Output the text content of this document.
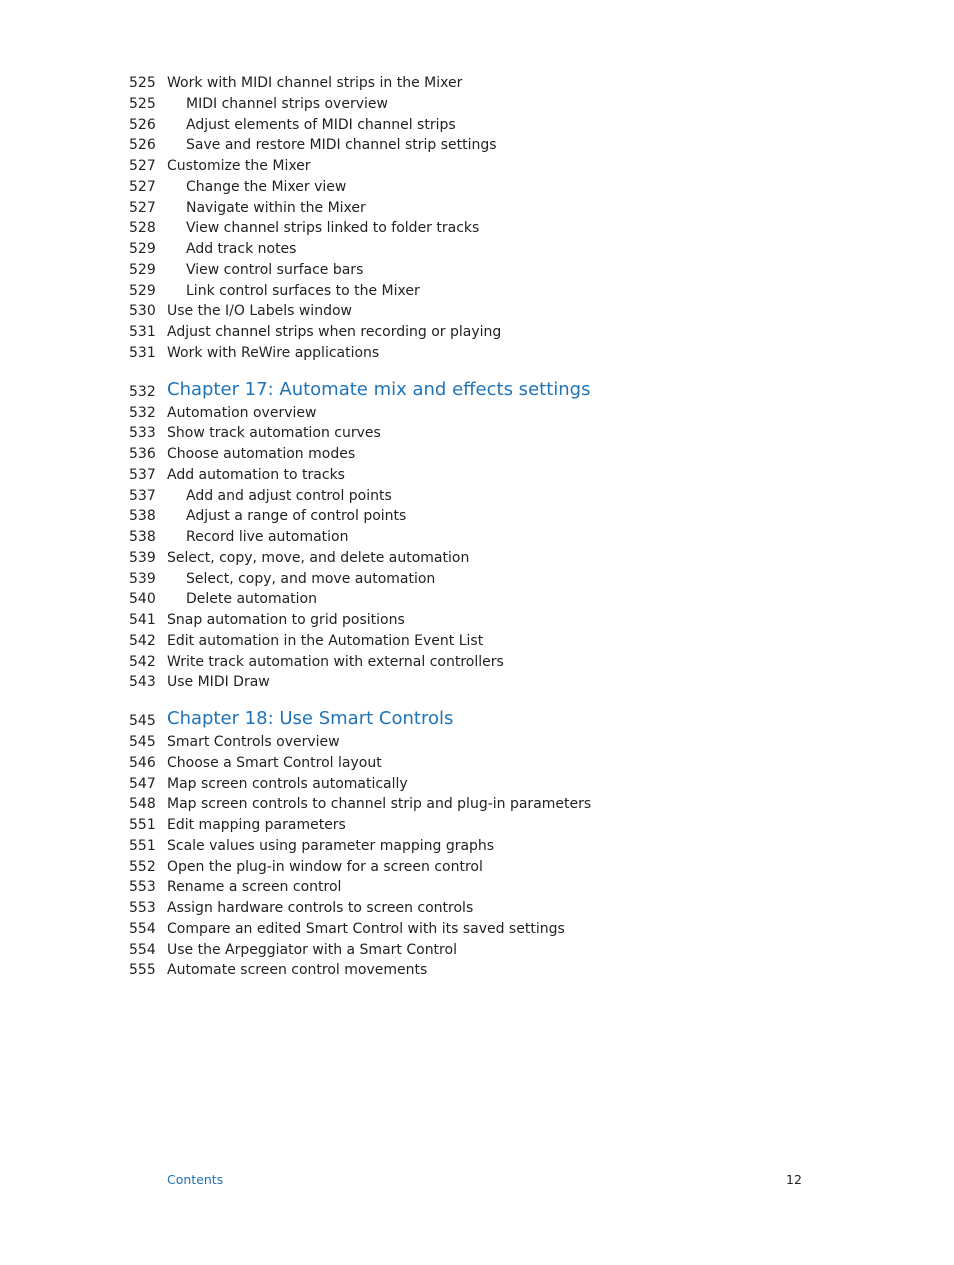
525 Work with MIDI channel strips in the Mixer
525	MIDI channel strips overview
526	Adjust elements of MIDI channel strips
526	Save and restore MIDI channel strip settings
527 Customize the Mixer
527	Change the Mixer view
527	Navigate within the Mixer
528	View channel strips linked to folder tracks
529	Add track notes
529	View control surface bars
529	Link control surfaces to the Mixer
530 Use the I/O Labels window
531 Adjust channel strips when recording or playing
531 Work with ReWire applications
532 Chapter 17: Automate mix and effects settings
532 Automation overview
533 Show track automation curves
536 Choose automation modes
537 Add automation to tracks
537	Add and adjust control points
538	Adjust a range of control points
538	Record live automation
539 Select, copy, move, and delete automation
539	Select, copy, and move automation
540	Delete automation
541 Snap automation to grid positions
542 Edit automation in the Automation Event List
542 Write track automation with external controllers
543 Use MIDI Draw
545 Chapter 18: Use Smart Controls
545 Smart Controls overview
546 Choose a Smart Control layout
547 Map screen controls automatically
548 Map screen controls to channel strip and plug-in parameters
551 Edit mapping parameters
551 Scale values using parameter mapping graphs
552 Open the plug-in window for a screen control
553 Rename a screen control
553 Assign hardware controls to screen controls
554 Compare an edited Smart Control with its saved settings
554 Use the Arpeggiator with a Smart Control
555 Automate screen control movements
Contents	12
